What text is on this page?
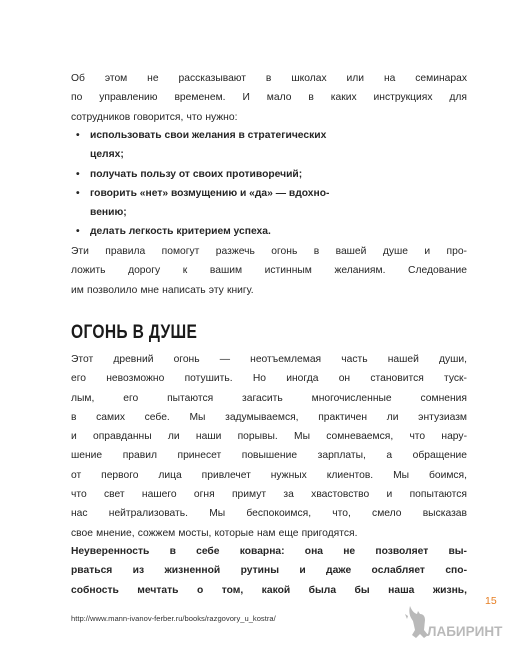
Об этом не рассказывают в школах или на семинарах
по управлению временем. И мало в каких инструкциях для
сотрудников говорится, что нужно:
• использовать свои желания в стратегических
целях;
• получать пользу от своих противоречий;
• говорить «нет» возмущению и «да» — вдохно-
вению;
• делать легкость критерием успеха.
Эти правила помогут разжечь огонь в вашей душе и про-
ложить дорогу к вашим истинным желаниям. Следование
им позволило мне написать эту книгу.
ОГОНЬ В ДУШЕ
Этот древний огонь — неотъемлемая часть нашей души,
его невозможно потушить. Но иногда он становится туск-
лым, его пытаются загасить многочисленные сомнения
в самих себе. Мы задумываемся, практичен ли энтузиазм
и оправданны ли наши порывы. Мы сомневаемся, что нару-
шение правил принесет повышение зарплаты, а обращение
от первого лица привлечет нужных клиентов. Мы боимся,
что свет нашего огня примут за хвастовство и попытаются
нас нейтрализовать. Мы беспокоимся, что, смело высказав
свое мнение, сожжем мосты, которые нам еще пригодятся.
Неуверенность в себе коварна: она не позволяет вы-
рваться из жизненной рутины и даже ослабляет спо-
собность мечтать о том, какой была бы наша жизнь,
15
http://www.mann-ivanov-ferber.ru/books/razgovory_u_kostra/
ЛАБИРИНТ
